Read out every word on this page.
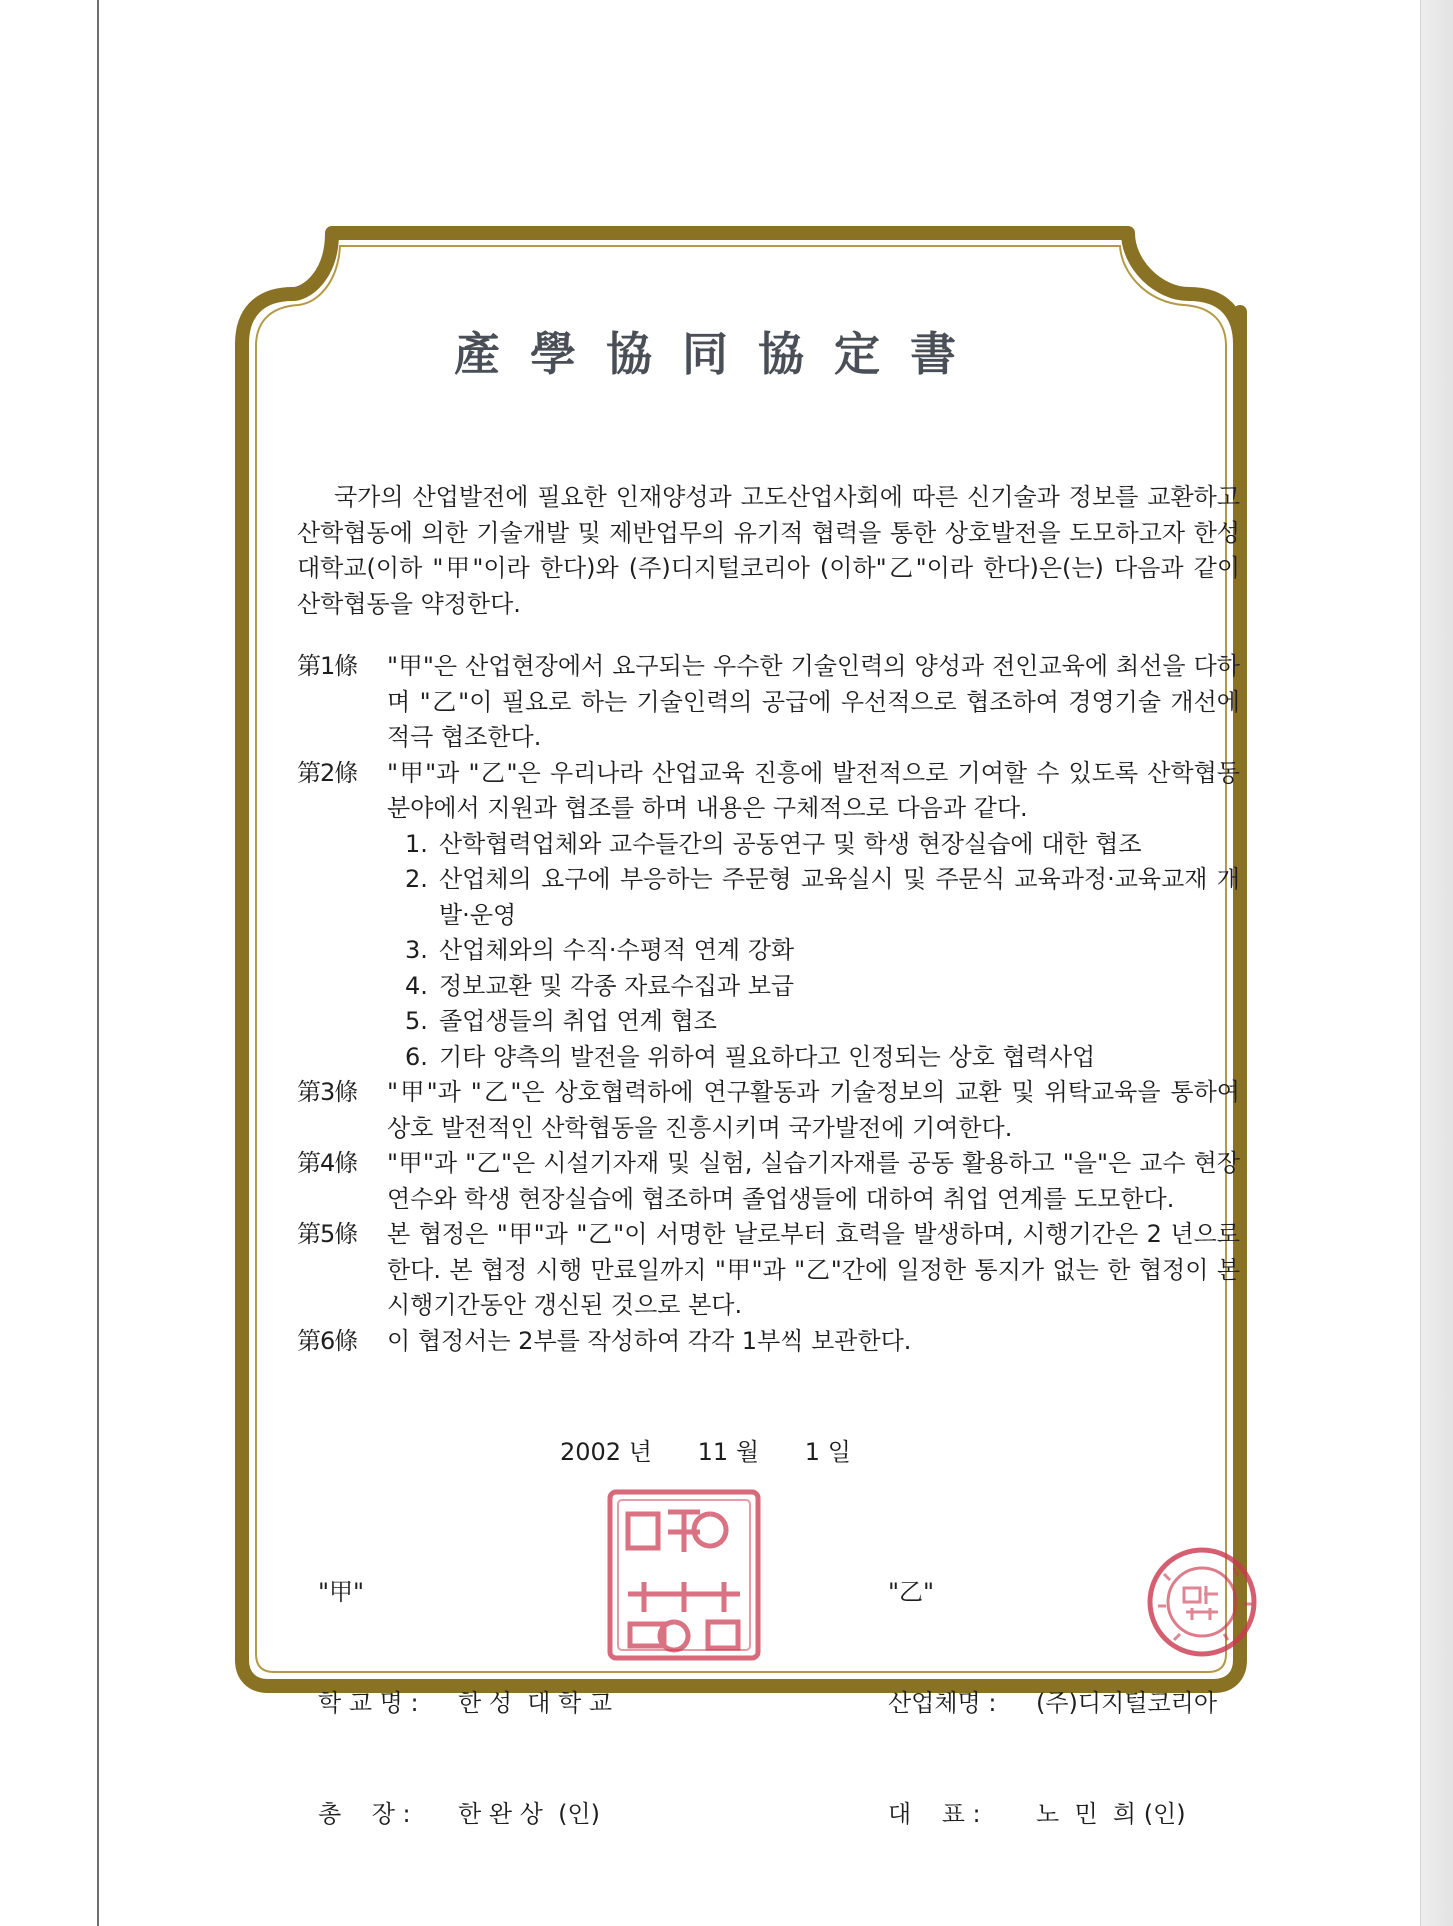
產學協同協定書

국가의 산업발전에 필요한 인재양성과 고도산업사회에 따른 신기술과 정보를 교환하고 산학협동에 의한 기술개발 및 제반업무의 유기적 협력을 통한 상호발전을 도모하고자 한성대학교(이하 "甲"이라 한다)와 (주)디지털코리아 (이하"乙"이라 한다)은(는) 다음과 같이 산학협동을 약정한다.

第1條	"甲"은 산업현장에서 요구되는 우수한 기술인력의 양성과 전인교육에 최선을 다하며 "乙"이 필요로 하는 기술인력의 공급에 우선적으로 협조하여 경영기술 개선에 적극 협조한다.
第2條	"甲"과 "乙"은 우리나라 산업교육 진흥에 발전적으로 기여할 수 있도록 산학협동 분야에서 지원과 협조를 하며 내용은 구체적으로 다음과 같다.
1. 산학협력업체와 교수들간의 공동연구 및 학생 현장실습에 대한 협조
2. 산업체의 요구에 부응하는 주문형 교육실시 및 주문식 교육과정·교육교재 개발·운영
3. 산업체와의 수직·수평적 연계 강화
4. 정보교환 및 각종 자료수집과 보급
5. 졸업생들의 취업 연계 협조
6. 기타 양측의 발전을 위하여 필요하다고 인정되는 상호 협력사업
第3條	"甲"과 "乙"은 상호협력하에 연구활동과 기술정보의 교환 및 위탁교육을 통하여 상호 발전적인 산학협동을 진흥시키며 국가발전에 기여한다.
第4條	"甲"과 "乙"은 시설기자재 및 실험, 실습기자재를 공동 활용하고 "을"은 교수 현장연수와 학생 현장실습에 협조하며 졸업생들에 대하여 취업 연계를 도모한다.
第5條	본 협정은 "甲"과 "乙"이 서명한 날로부터 효력을 발생하며, 시행기간은 2 년으로 한다. 본 협정 시행 만료일까지 "甲"과 "乙"간에 일정한 통지가 없는 한 협정이 본 시행기간동안 갱신된 것으로 본다.
第6條	이 협정서는 2부를 작성하여 각각 1부씩 보관한다.
2002 년      11 월      1 일

"甲"

학 교 명 :	한 성  대 학 교

총    장 :	한 완 상  (인)

"乙"

산업체명 :	(주)디지털코리아

대    표 :	노  민  희 (인)
